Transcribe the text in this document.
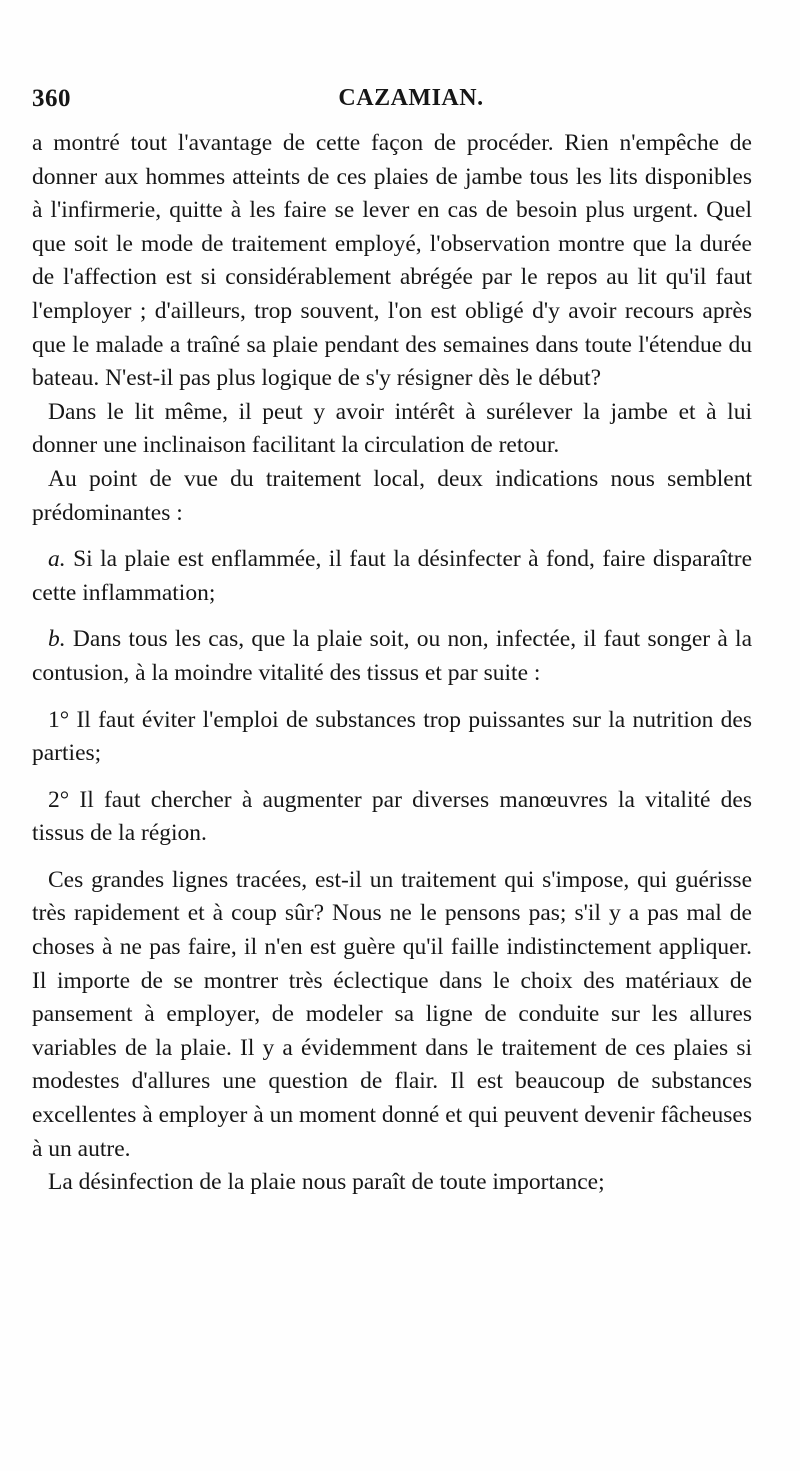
360	CAZAMIAN.

a montré tout l'avantage de cette façon de procéder. Rien n'empêche de donner aux hommes atteints de ces plaies de jambe tous les lits disponibles à l'infirmerie, quitte à les faire se lever en cas de besoin plus urgent. Quel que soit le mode de traitement employé, l'observation montre que la durée de l'affection est si considérablement abrégée par le repos au lit qu'il faut l'employer ; d'ailleurs, trop souvent, l'on est obligé d'y avoir recours après que le malade a traîné sa plaie pendant des semaines dans toute l'étendue du bateau. N'est-il pas plus logique de s'y résigner dès le début?

Dans le lit même, il peut y avoir intérêt à surélever la jambe et à lui donner une inclinaison facilitant la circulation de retour.

Au point de vue du traitement local, deux indications nous semblent prédominantes :

a. Si la plaie est enflammée, il faut la désinfecter à fond, faire disparaître cette inflammation;

b. Dans tous les cas, que la plaie soit, ou non, infectée, il faut songer à la contusion, à la moindre vitalité des tissus et par suite :

1° Il faut éviter l'emploi de substances trop puissantes sur la nutrition des parties;

2° Il faut chercher à augmenter par diverses manœuvres la vitalité des tissus de la région.

Ces grandes lignes tracées, est-il un traitement qui s'impose, qui guérisse très rapidement et à coup sûr? Nous ne le pensons pas; s'il y a pas mal de choses à ne pas faire, il n'en est guère qu'il faille indistinctement appliquer. Il importe de se montrer très éclectique dans le choix des matériaux de pansement à employer, de modeler sa ligne de conduite sur les allures variables de la plaie. Il y a évidemment dans le traitement de ces plaies si modestes d'allures une question de flair. Il est beaucoup de substances excellentes à employer à un moment donné et qui peuvent devenir fâcheuses à un autre.

La désinfection de la plaie nous paraît de toute importance;
